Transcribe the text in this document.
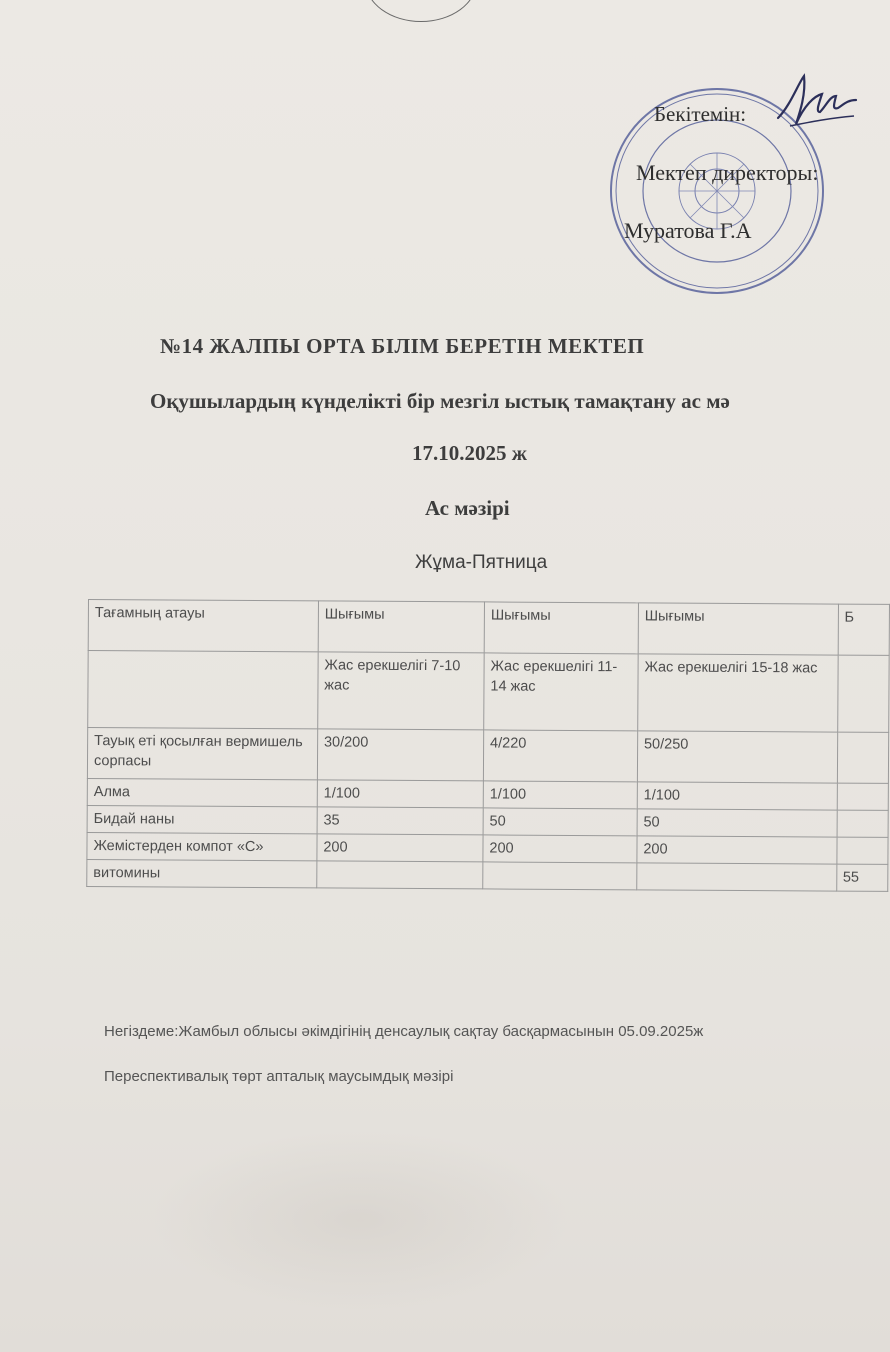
Бекітемін:
Мектеп директоры:
Муратова Г.А
№14 ЖАЛПЫ ОРТА БІЛІМ БЕРЕТІН МЕКТЕП
Оқушылардың күнделікті бір мезгіл ыстық тамақтану ас мә
17.10.2025 ж
Ас мәзірі
Жұма-Пятница
Тағамның атауы	Шығымы	Шығымы	Шығымы	Б
	Жас ерекшелігі 7-10 жас	Жас ерекшелігі 11-14 жас	Жас ерекшелігі 15-18 жас	
Тауық еті қосылған вермишель сорпасы	30/200	4/220	50/250	
Алма	1/100	1/100	1/100	
Бидай наны	35	50	50	
Жемістерден компот «С»	200	200	200	
витомины				55
Негіздеме:Жамбыл облысы әкімдігінің денсаулық сақтау басқармасынын 05.09.2025ж
Переспективалық төрт апталық маусымдық мәзірі
